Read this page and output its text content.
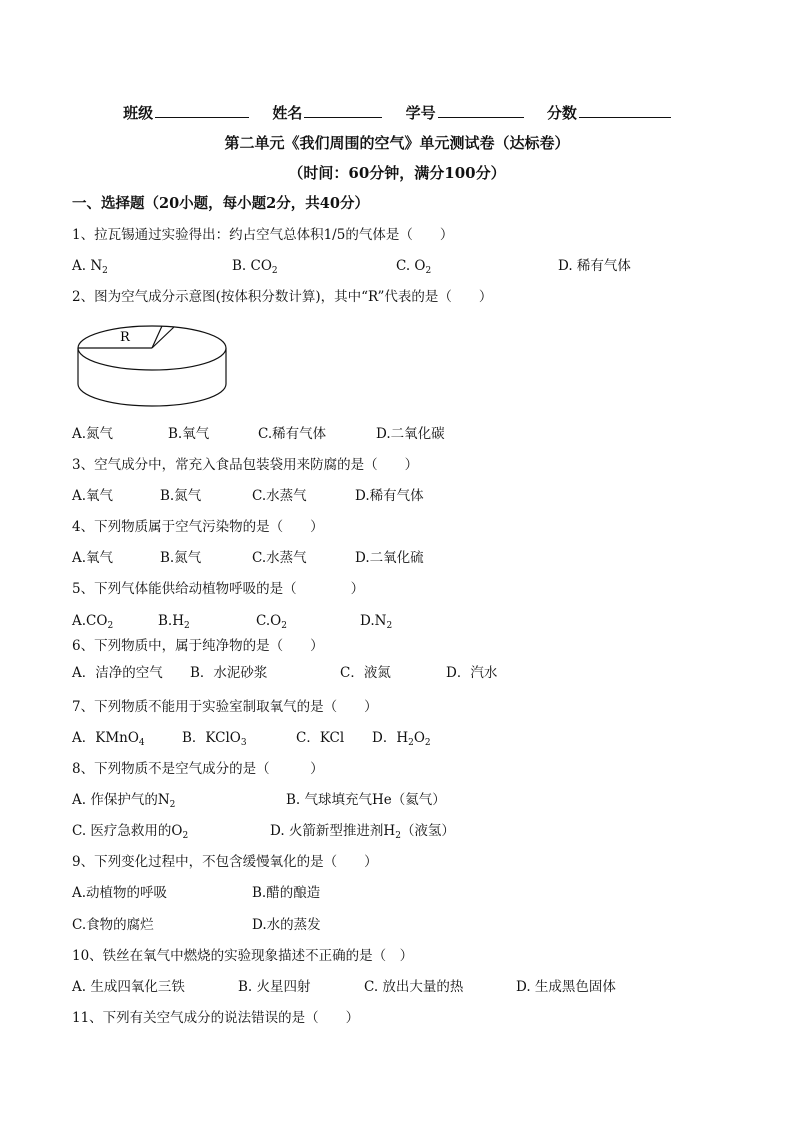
班级	姓名	学号	分数
第二单元《我们周围的空气》单元测试卷（达标卷）
（时间：60分钟，满分100分）
一、选择题（20小题，每小题2分，共40分）
1、拉瓦锡通过实验得出：约占空气总体积1/5的气体是（　　）
A. $N_2$	B. $CO_2$	C. $O_2$	D. 稀有气体
2、图为空气成分示意图(按体积分数计算)，其中“R”代表的是（　　）
R
A.氮气	B.氧气	C.稀有气体	D.二氧化碳
3、空气成分中，常充入食品包装袋用来防腐的是（　　）
A.氧气	B.氮气	C.水蒸气	D.稀有气体
4、下列物质属于空气污染物的是（　　）
A.氧气	B.氮气	C.水蒸气	D.二氧化硫
5、下列气体能供给动植物呼吸的是（　　　　）
$A.CO_2$	$B.H_2$	$C.O_2$	$D.N_2$
6、下列物质中，属于纯净物的是（　　）
A．洁净的空气 B．水泥砂浆	C．液氮	D．汽水
7、下列物质不能用于实验室制取氧气的是（　　）
A．KMnO$_4$	B．KClO$_3$	C．KCl D．$H_2O_2$
8、下列物质不是空气成分的是（　　　）
A. 作保护气的$N_2$	B. 气球填充气He（氦气）
C. 医疗急救用的$O_2$	D. 火箭新型推进剂$H_2$（液氢）
9、下列变化过程中，不包含缓慢氧化的是（　　）
A.动植物的呼吸	B.醋的酿造
C.食物的腐烂	D.水的蒸发
10、铁丝在氧气中燃烧的实验现象描述不正确的是（　）
A. 生成四氧化三铁	B. 火星四射	C. 放出大量的热	D. 生成黑色固体
11、下列有关空气成分的说法错误的是（　　）
